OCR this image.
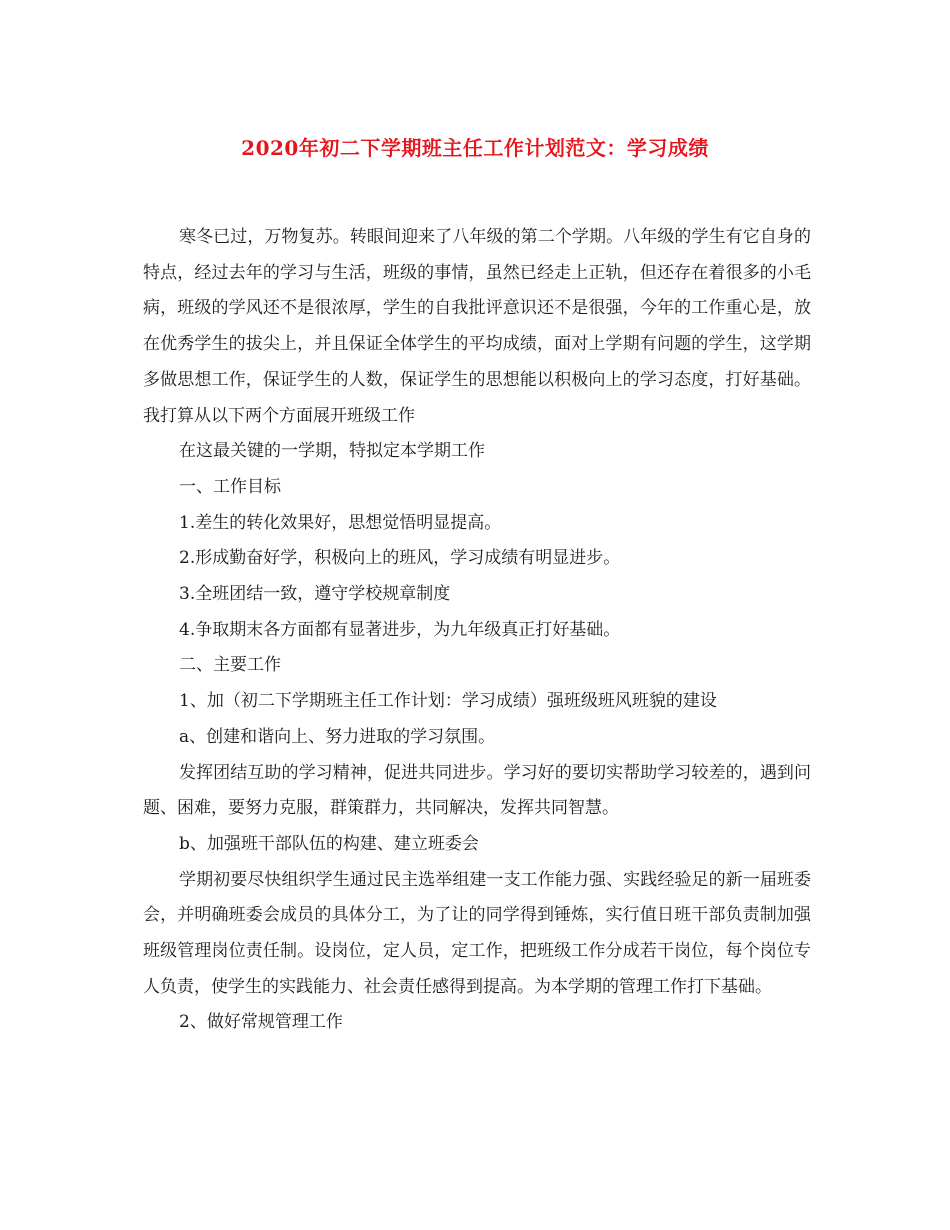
2020年初二下学期班主任工作计划范文：学习成绩

寒冬已过，万物复苏。转眼间迎来了八年级的第二个学期。八年级的学生有它自身的特点，经过去年的学习与生活，班级的事情，虽然已经走上正轨，但还存在着很多的小毛病，班级的学风还不是很浓厚，学生的自我批评意识还不是很强，今年的工作重心是，放在优秀学生的拔尖上，并且保证全体学生的平均成绩，面对上学期有问题的学生，这学期多做思想工作，保证学生的人数，保证学生的思想能以积极向上的学习态度，打好基础。我打算从以下两个方面展开班级工作

在这最关键的一学期，特拟定本学期工作

一、工作目标

1.差生的转化效果好，思想觉悟明显提高。

2.形成勤奋好学，积极向上的班风，学习成绩有明显进步。

3.全班团结一致，遵守学校规章制度

4.争取期末各方面都有显著进步，为九年级真正打好基础。

二、主要工作

1、加（初二下学期班主任工作计划：学习成绩）强班级班风班貌的建设

a、创建和谐向上、努力进取的学习氛围。

发挥团结互助的学习精神，促进共同进步。学习好的要切实帮助学习较差的，遇到问题、困难，要努力克服，群策群力，共同解决，发挥共同智慧。

b、加强班干部队伍的构建、建立班委会

学期初要尽快组织学生通过民主选举组建一支工作能力强、实践经验足的新一届班委会，并明确班委会成员的具体分工，为了让的同学得到锤炼，实行值日班干部负责制加强班级管理岗位责任制。设岗位，定人员，定工作，把班级工作分成若干岗位，每个岗位专人负责，使学生的实践能力、社会责任感得到提高。为本学期的管理工作打下基础。

2、做好常规管理工作
